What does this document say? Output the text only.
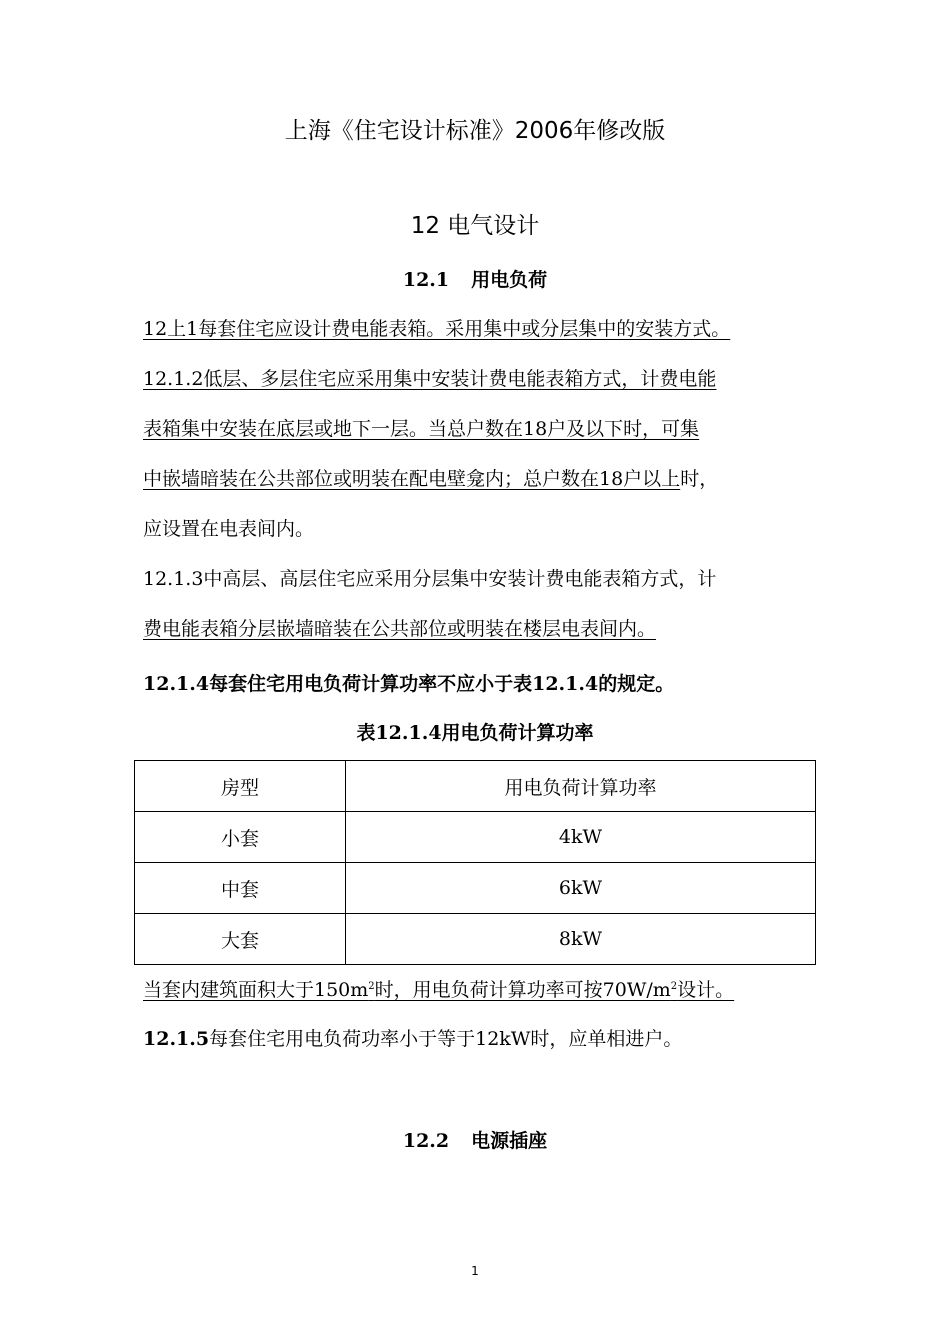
上海《住宅设计标准》2006年修改版
12 电气设计
12.1 用电负荷
12上1每套住宅应设计费电能表箱。采用集中或分层集中的安装方式。
12.1.2低层、多层住宅应采用集中安装计费电能表箱方式，计费电能
表箱集中安装在底层或地下一层。当总户数在18户及以下时，可集
中嵌墙暗装在公共部位或明装在配电壁龛内；总户数在18户以上时，
应设置在电表间内。
12.1.3中高层、高层住宅应采用分层集中安装计费电能表箱方式，计
费电能表箱分层嵌墙暗装在公共部位或明装在楼层电表间内。
12.1.4每套住宅用电负荷计算功率不应小于表12.1.4的规定。
表12.1.4用电负荷计算功率
房型	用电负荷计算功率
小套	4kW
中套	6kW
大套	8kW
当套内建筑面积大于$150m^2$时，用电负荷计算功率可按$70W/m^2$设计。
12.1.5每套住宅用电负荷功率小于等于12kW时，应单相进户。
12.2 电源插座
1
